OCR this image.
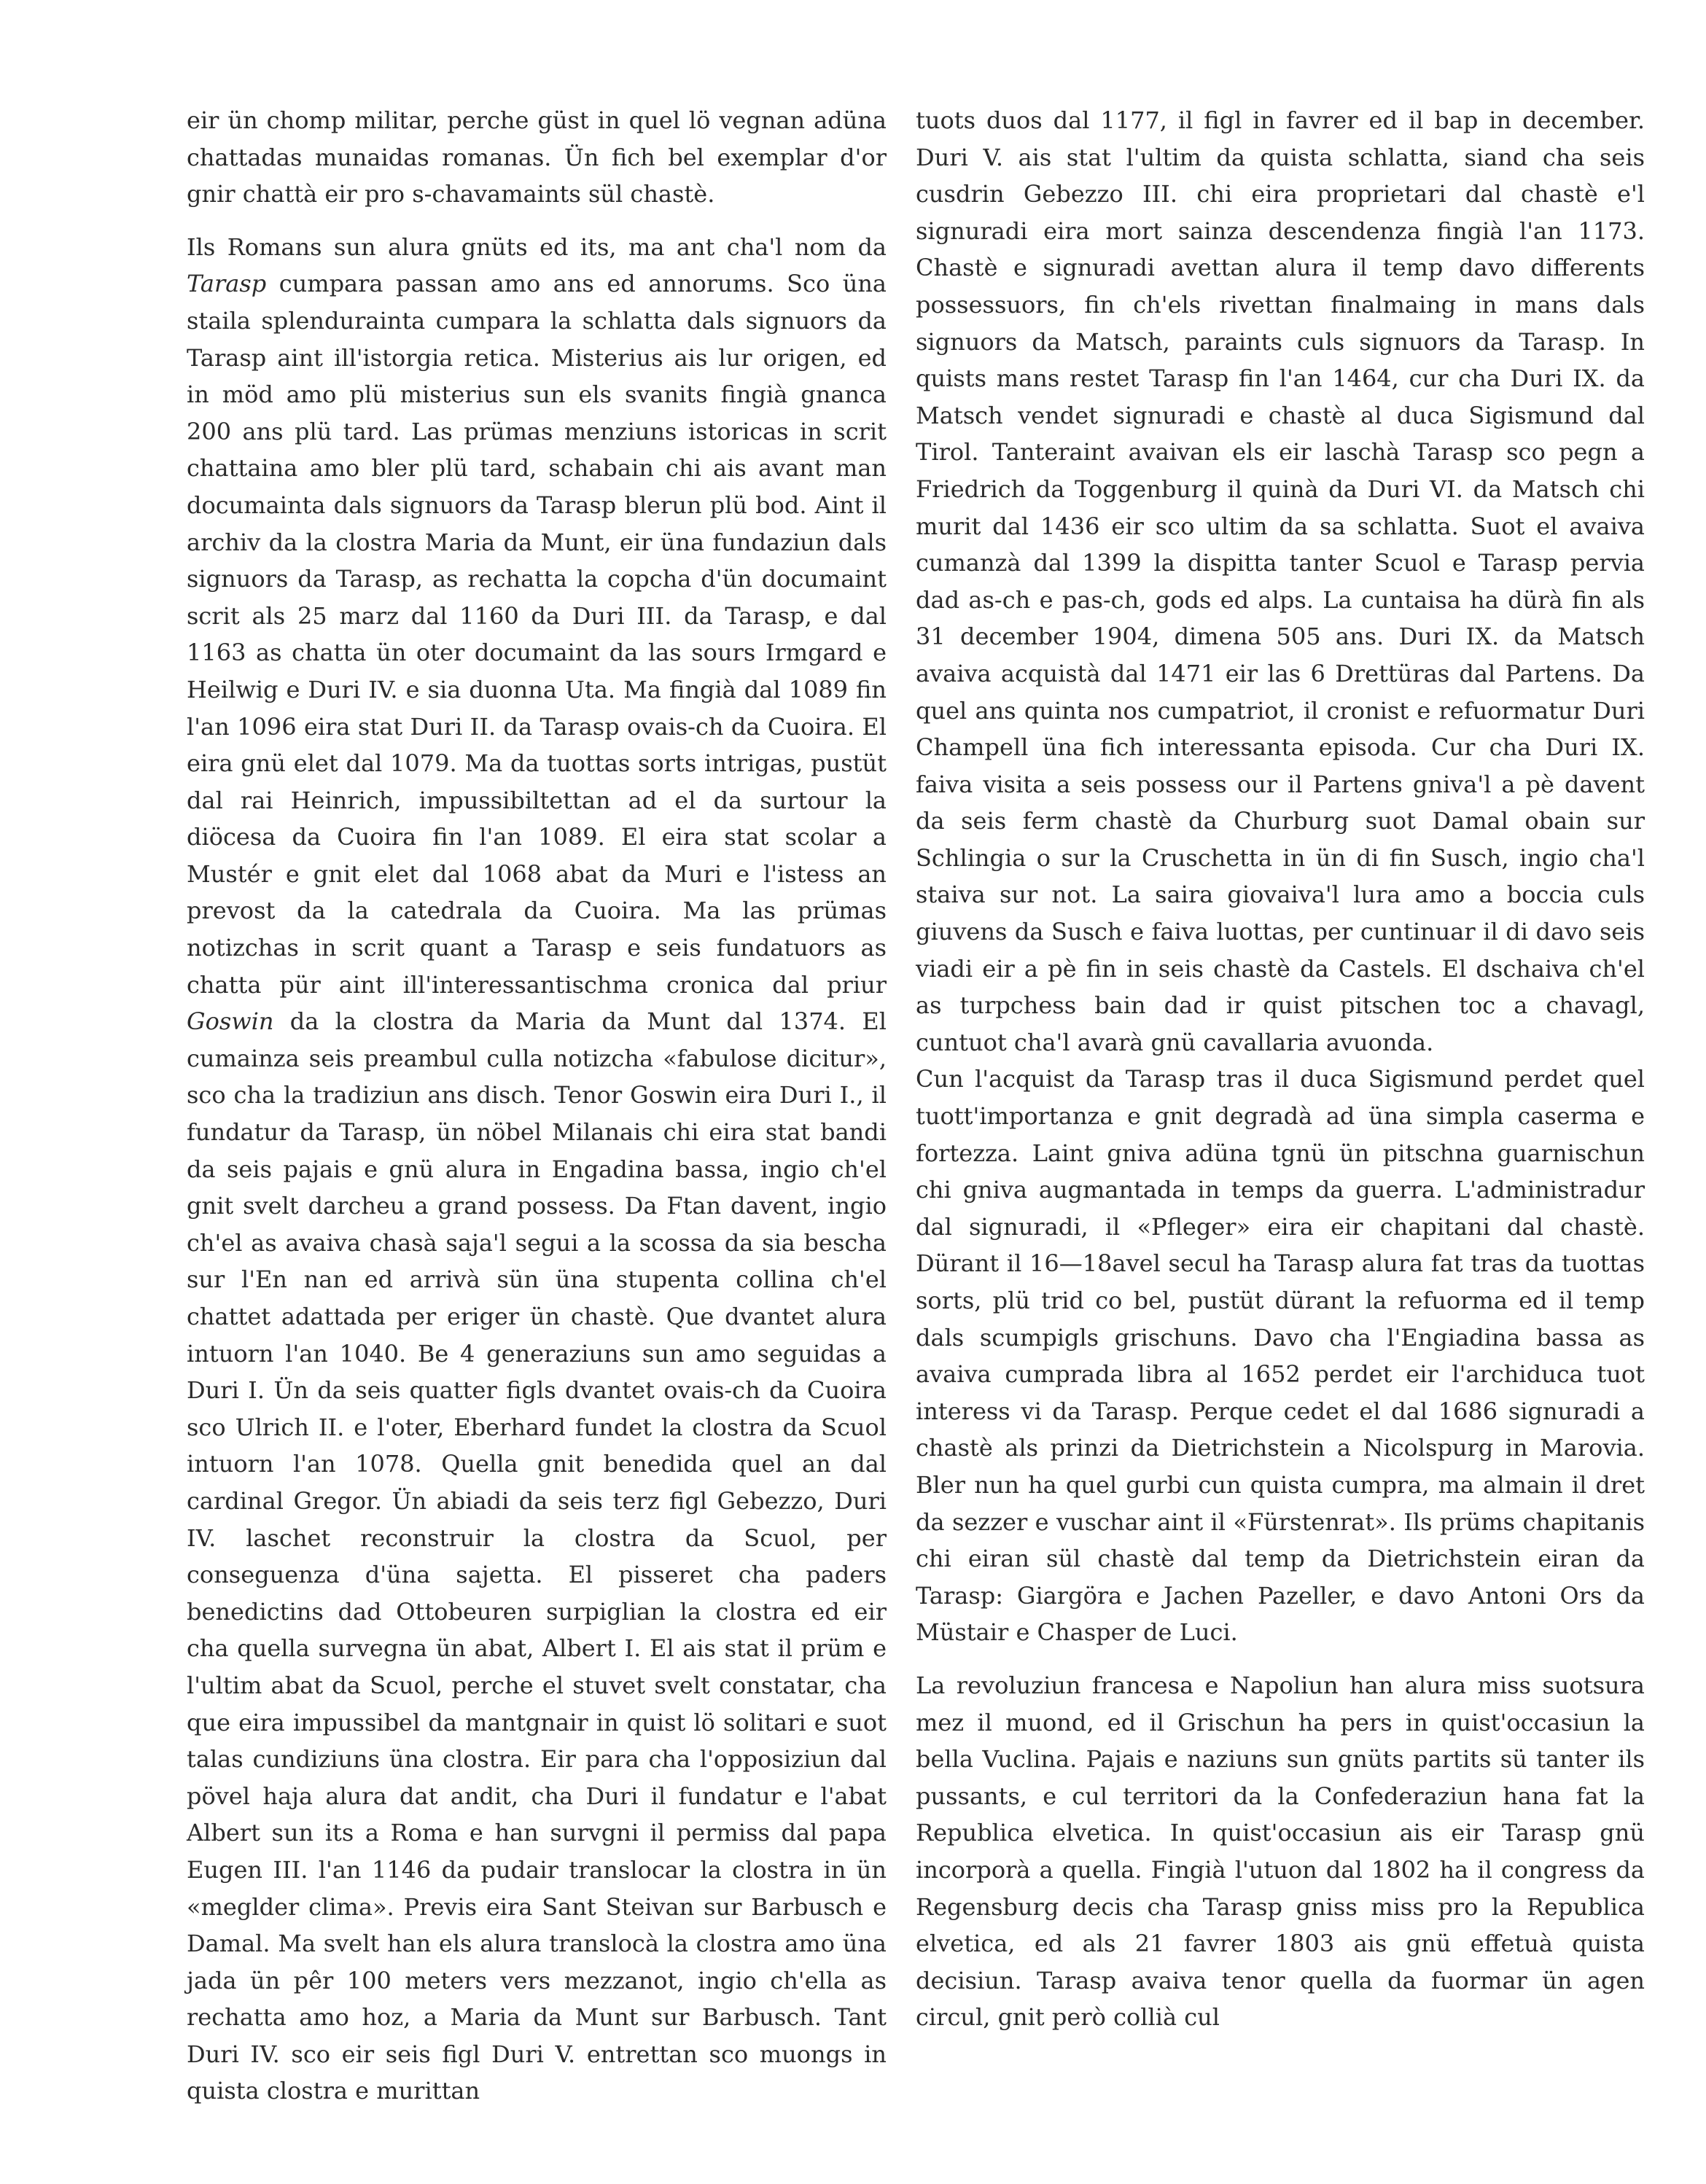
eir ün chomp militar, perche güst in quel lö vegnan adüna chattadas munaidas romanas. Ün fich bel exemplar d'or gnir chattà eir pro s-chavamaints sül chastè.

Ils Romans sun alura gnüts ed its, ma ant cha'l nom da Tarasp cumpara passan amo ans ed annorums. Sco üna staila splendurainta cumpara la schlatta dals signuors da Tarasp aint ill'istorgia retica. Misterius ais lur origen, ed in möd amo plü misterius sun els svanits fingià gnanca 200 ans plü tard. Las prümas menziuns istoricas in scrit chattaina amo bler plü tard, schabain chi ais avant man documainta dals signuors da Tarasp blerun plü bod. Aint il archiv da la clostra Maria da Munt, eir üna fundaziun dals signuors da Tarasp, as rechatta la copcha d'ün documaint scrit als 25 marz dal 1160 da Duri III. da Tarasp, e dal 1163 as chatta ün oter documaint da las sours Irmgard e Heilwig e Duri IV. e sia duonna Uta. Ma fingià dal 1089 fin l'an 1096 eira stat Duri II. da Tarasp ovais-ch da Cuoira. El eira gnü elet dal 1079. Ma da tuottas sorts intrigas, pustüt dal rai Heinrich, impussibiltettan ad el da surtour la diöcesa da Cuoira fin l'an 1089. El eira stat scolar a Mustér e gnit elet dal 1068 abat da Muri e l'istess an prevost da la catedrala da Cuoira. Ma las prümas notizchas in scrit quant a Tarasp e seis fundatuors as chatta pür aint ill'interessantischma cronica dal priur Goswin da la clostra da Maria da Munt dal 1374. El cumainza seis preambul culla notizcha «fabulose dicitur», sco cha la tradiziun ans disch. Tenor Goswin eira Duri I., il fundatur da Tarasp, ün nöbel Milanais chi eira stat bandi da seis pajais e gnü alura in Engadina bassa, ingio ch'el gnit svelt darcheu a grand possess. Da Ftan davent, ingio ch'el as avaiva chasà saja'l segui a la scossa da sia bescha sur l'En nan ed arrivà sün üna stupenta collina ch'el chattet adattada per eriger ün chastè. Que dvantet alura intuorn l'an 1040. Be 4 generaziuns sun amo seguidas a Duri I. Ün da seis quatter figls dvantet ovais-ch da Cuoira sco Ulrich II. e l'oter, Eberhard fundet la clostra da Scuol intuorn l'an 1078. Quella gnit benedida quel an dal cardinal Gregor. Ün abiadi da seis terz figl Gebezzo, Duri IV. laschet reconstruir la clostra da Scuol, per conseguenza d'üna sajetta. El pisseret cha paders benedictins dad Ottobeuren surpiglian la clostra ed eir cha quella survegna ün abat, Albert I. El ais stat il prüm e l'ultim abat da Scuol, perche el stuvet svelt constatar, cha que eira impussibel da mantgnair in quist lö solitari e suot talas cundiziuns üna clostra. Eir para cha l'opposiziun dal pövel haja alura dat andit, cha Duri il fundatur e l'abat Albert sun its a Roma e han survgni il permiss dal papa Eugen III. l'an 1146 da pudair translocar la clostra in ün «meglder clima». Previs eira Sant Steivan sur Barbusch e Damal. Ma svelt han els alura translocà la clostra amo üna jada ün pêr 100 meters vers mezzanot, ingio ch'ella as rechatta amo hoz, a Maria da Munt sur Barbusch. Tant Duri IV. sco eir seis figl Duri V. entrettan sco muongs in quista clostra e murittan

tuots duos dal 1177, il figl in favrer ed il bap in december. Duri V. ais stat l'ultim da quista schlatta, siand cha seis cusdrin Gebezzo III. chi eira proprietari dal chastè e'l signuradi eira mort sainza descendenza fingià l'an 1173. Chastè e signuradi avettan alura il temp davo differents possessuors, fin ch'els rivettan finalmaing in mans dals signuors da Matsch, paraints culs signuors da Tarasp. In quists mans restet Tarasp fin l'an 1464, cur cha Duri IX. da Matsch vendet signuradi e chastè al duca Sigismund dal Tirol. Tanteraint avaivan els eir laschà Tarasp sco pegn a Friedrich da Toggenburg il quinà da Duri VI. da Matsch chi murit dal 1436 eir sco ultim da sa schlatta. Suot el avaiva cumanzà dal 1399 la dispitta tanter Scuol e Tarasp pervia dad as-ch e pas-ch, gods ed alps. La cuntaisa ha dürà fin als 31 december 1904, dimena 505 ans. Duri IX. da Matsch avaiva acquistà dal 1471 eir las 6 Drettüras dal Partens. Da quel ans quinta nos cumpatriot, il cronist e refuormatur Duri Champell üna fich interessanta episoda. Cur cha Duri IX. faiva visita a seis possess our il Partens gniva'l a pè davent da seis ferm chastè da Churburg suot Damal obain sur Schlingia o sur la Cruschetta in ün di fin Susch, ingio cha'l staiva sur not. La saira giovaiva'l lura amo a boccia culs giuvens da Susch e faiva luottas, per cuntinuar il di davo seis viadi eir a pè fin in seis chastè da Castels. El dschaiva ch'el as turpchess bain dad ir quist pitschen toc a chavagl, cuntuot cha'l avarà gnü cavallaria avuonda.

Cun l'acquist da Tarasp tras il duca Sigismund perdet quel tuott'importanza e gnit degradà ad üna simpla caserma e fortezza. Laint gniva adüna tgnü ün pitschna guarnischun chi gniva augmantada in temps da guerra. L'administradur dal signuradi, il «Pfleger» eira eir chapitani dal chastè. Dürant il 16—18avel secul ha Tarasp alura fat tras da tuottas sorts, plü trid co bel, pustüt dürant la refuorma ed il temp dals scumpigls grischuns. Davo cha l'Engiadina bassa as avaiva cumprada libra al 1652 perdet eir l'archiduca tuot interess vi da Tarasp. Perque cedet el dal 1686 signuradi a chastè als prinzi da Dietrichstein a Nicolspurg in Marovia. Bler nun ha quel gurbi cun quista cumpra, ma almain il dret da sezzer e vuschar aint il «Fürstenrat». Ils prüms chapitanis chi eiran sül chastè dal temp da Dietrichstein eiran da Tarasp: Giargöra e Jachen Pazeller, e davo Antoni Ors da Müstair e Chasper de Luci.

La revoluziun francesa e Napoliun han alura miss suotsura mez il muond, ed il Grischun ha pers in quist'occasiun la bella Vuclina. Pajais e naziuns sun gnüts partits sü tanter ils pussants, e cul territori da la Confederaziun hana fat la Republica elvetica. In quist'occasiun ais eir Tarasp gnü incorporà a quella. Fingià l'utuon dal 1802 ha il congress da Regensburg decis cha Tarasp gniss miss pro la Republica elvetica, ed als 21 favrer 1803 ais gnü effetuà quista decisiun. Tarasp avaiva tenor quella da fuormar ün agen circul, gnit però collià cul
